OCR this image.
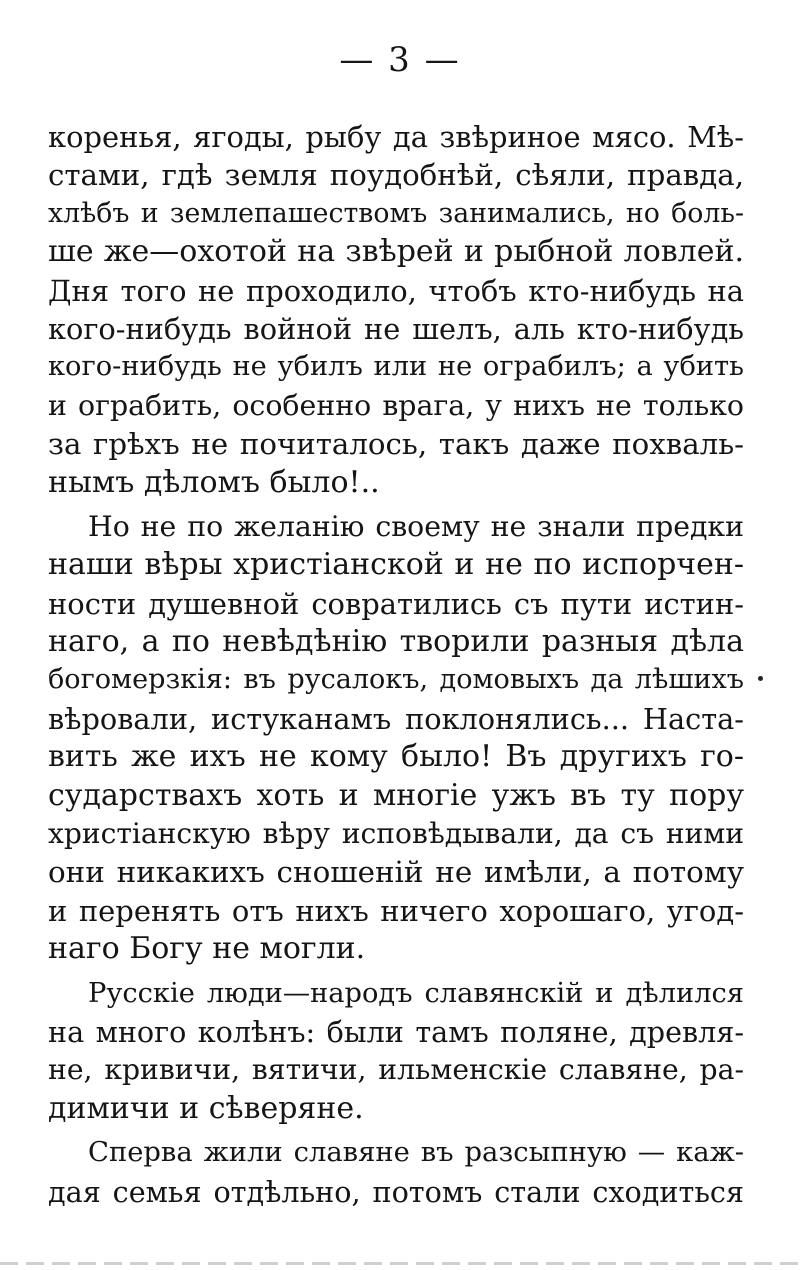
— 3 —
коренья, ягоды, рыбу да звѣриное мясо. Мѣ-
стами, гдѣ земля поудобнѣй, сѣяли, правда,
хлѣбъ и землепашествомъ занимались, но боль-
ше же—охотой на звѣрей и рыбной ловлей.
Дня того не проходило, чтобъ кто-нибудь на
кого-нибудь войной не шелъ, аль кто-нибудь
кого-нибудь не убилъ или не ограбилъ; а убить
и ограбить, особенно врага, у нихъ не только
за грѣхъ не почиталось, такъ даже похваль-
нымъ дѣломъ было!..
Но не по желанію своему не знали предки
наши вѣры христіанской и не по испорчен-
ности душевной совратились съ пути истин-
наго, а по невѣдѣнію творили разныя дѣла
богомерзкія: въ русалокъ, домовыхъ да лѣшихъ
вѣровали, истуканамъ поклонялись... Наста-
вить же ихъ не кому было! Въ другихъ го-
сударствахъ хоть и многіе ужъ въ ту пору
христіанскую вѣру исповѣдывали, да съ ними
они никакихъ сношеній не имѣли, а потому
и перенять отъ нихъ ничего хорошаго, угод-
наго Богу не могли.
Русскіе люди—народъ славянскій и дѣлился
на много колѣнъ: были тамъ поляне, древля-
не, кривичи, вятичи, ильменскіе славяне, ра-
димичи и сѣверяне.
Сперва жили славяне въ разсыпную — каж-
дая семья отдѣльно, потомъ стали сходиться
